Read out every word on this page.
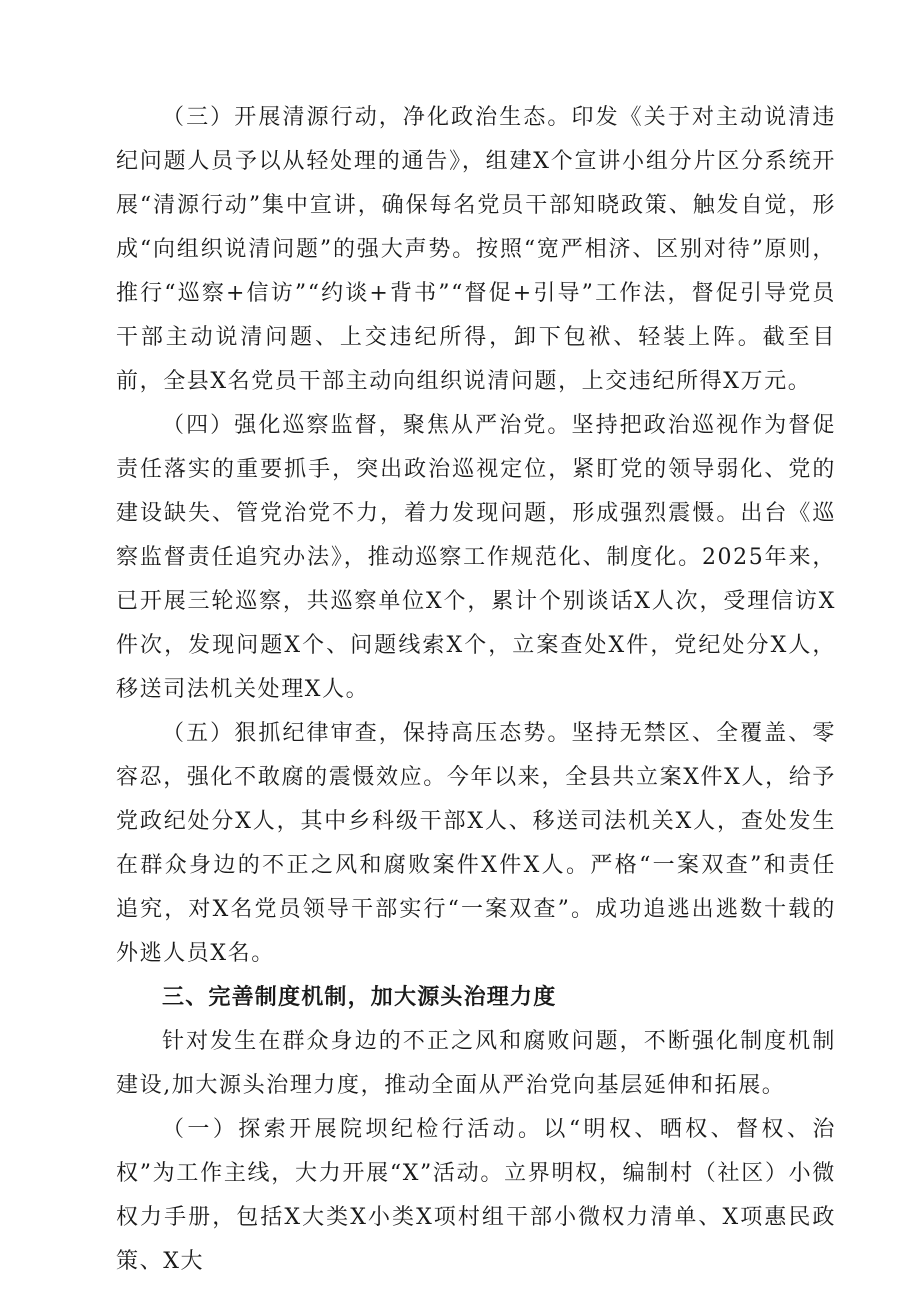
（三）开展清源行动，净化政治生态。印发《关于对主动说清违纪问题人员予以从轻处理的通告》，组建X个宣讲小组分片区分系统开展“清源行动”集中宣讲，确保每名党员干部知晓政策、触发自觉，形成“向组织说清问题”的强大声势。按照“宽严相济、区别对待”原则，推行“巡察+信访”“约谈+背书”“督促+引导”工作法，督促引导党员干部主动说清问题、上交违纪所得，卸下包袱、轻装上阵。截至目前，全县X名党员干部主动向组织说清问题，上交违纪所得X万元。

（四）强化巡察监督，聚焦从严治党。坚持把政治巡视作为督促责任落实的重要抓手，突出政治巡视定位，紧盯党的领导弱化、党的建设缺失、管党治党不力，着力发现问题，形成强烈震慑。出台《巡察监督责任追究办法》，推动巡察工作规范化、制度化。2025年来，已开展三轮巡察，共巡察单位X个，累计个别谈话X人次，受理信访X件次，发现问题X个、问题线索X个，立案查处X件，党纪处分X人，移送司法机关处理X人。

（五）狠抓纪律审查，保持高压态势。坚持无禁区、全覆盖、零容忍，强化不敢腐的震慑效应。今年以来，全县共立案X件X人，给予党政纪处分X人，其中乡科级干部X人、移送司法机关X人，查处发生在群众身边的不正之风和腐败案件X件X人。严格“一案双查”和责任追究，对X名党员领导干部实行“一案双查”。成功追逃出逃数十载的外逃人员X名。

三、完善制度机制，加大源头治理力度

针对发生在群众身边的不正之风和腐败问题，不断强化制度机制建设,加大源头治理力度，推动全面从严治党向基层延伸和拓展。

（一）探索开展院坝纪检行活动。以“明权、晒权、督权、治权”为工作主线，大力开展“X”活动。立界明权，编制村（社区）小微权力手册，包括X大类X小类X项村组干部小微权力清单、X项惠民政策、X大
